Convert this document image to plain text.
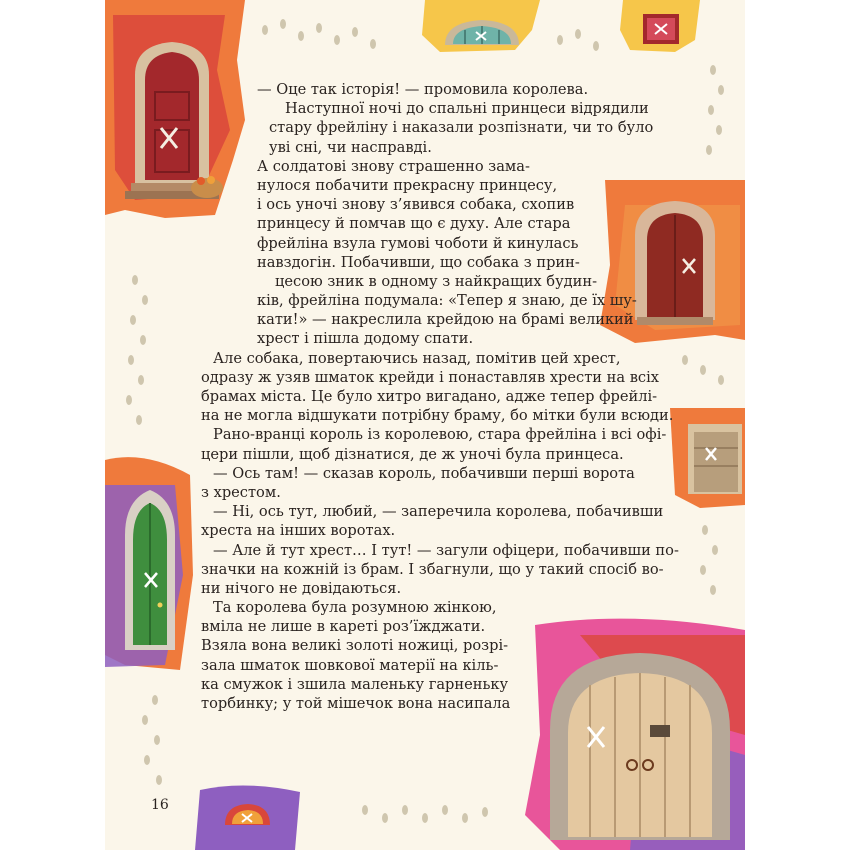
— Оце так історія! — промовила королева.
Наступної ночі до спальні принцеси відрядили
стару фрейліну і наказали розпізнати, чи то було
уві сні, чи насправді.
А солдатові знову страшенно зама-
нулося побачити прекрасну принцесу,
і ось уночі знову з’явився собака, схопив
принцесу й помчав що є духу. Але стара
фрейліна взула гумові чоботи й кинулась
навздогін. Побачивши, що собака з прин-
цесою зник в одному з найкращих будин-
ків, фрейліна подумала: «Тепер я знаю, де їх шу-
кати!» — накреслила крейдою на брамі великий
хрест і пішла додому спати.
Але собака, повертаючись назад, помітив цей хрест,
одразу ж узяв шматок крейди і понаставляв хрести на всіх
брамах міста. Це було хитро вигадано, адже тепер фрейлі-
на не могла відшукати потрібну браму, бо мітки були всюди.
Рано-вранці король із королевою, стара фрейліна і всі офі-
цери пішли, щоб дізнатися, де ж уночі була принцеса.
— Ось там! — сказав король, побачивши перші ворота
з хрестом.
— Ні, ось тут, любий, — заперечила королева, побачивши
хреста на інших воротах.
— Але й тут хрест… І тут! — загули офіцери, побачивши по-
значки на кожній із брам. І збагнули, що у такий спосіб во-
ни нічого не довідаються.
Та королева була розумною жінкою,
вміла не лише в кареті роз’їжджати.
Взяла вона великі золоті ножиці, розрі-
зала шматок шовкової матерії на кіль-
ка смужок і зшила маленьку гарненьку
торбинку; у той мішечок вона насипала
16
